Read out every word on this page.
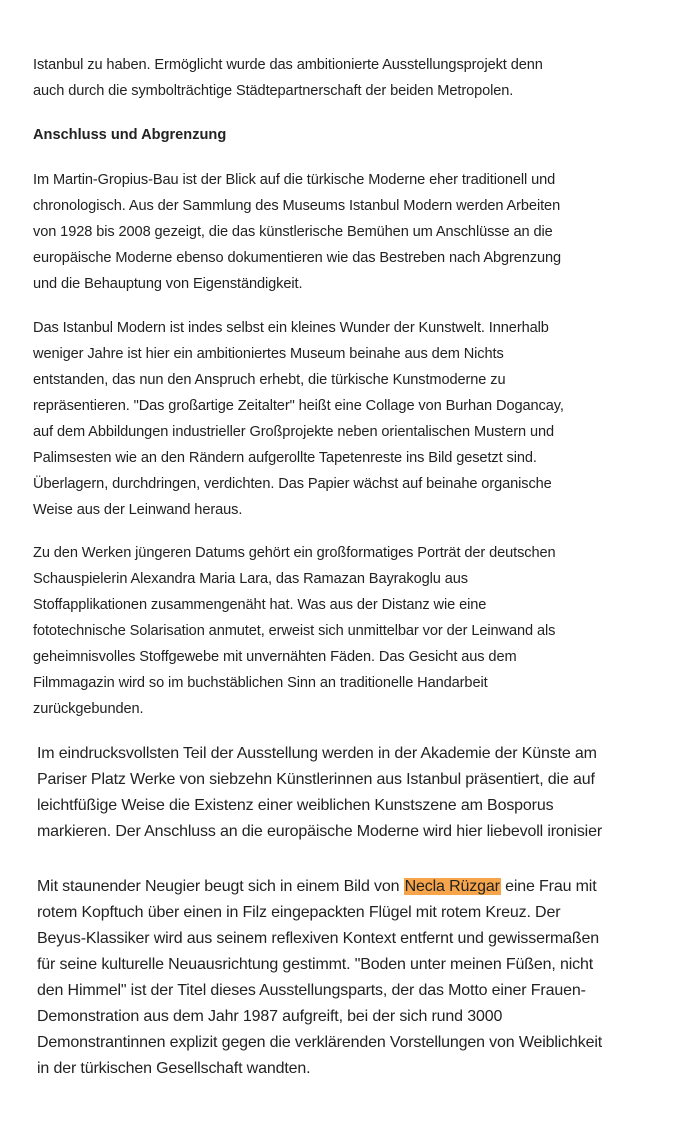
Istanbul zu haben. Ermöglicht wurde das ambitionierte Ausstellungsprojekt denn
auch durch die symbolträchtige Städtepartnerschaft der beiden Metropolen.

Anschluss und Abgrenzung

Im Martin-Gropius-Bau ist der Blick auf die türkische Moderne eher traditionell und
chronologisch. Aus der Sammlung des Museums Istanbul Modern werden Arbeiten
von 1928 bis 2008 gezeigt, die das künstlerische Bemühen um Anschlüsse an die
europäische Moderne ebenso dokumentieren wie das Bestreben nach Abgrenzung
und die Behauptung von Eigenständigkeit.

Das Istanbul Modern ist indes selbst ein kleines Wunder der Kunstwelt. Innerhalb
weniger Jahre ist hier ein ambitioniertes Museum beinahe aus dem Nichts
entstanden, das nun den Anspruch erhebt, die türkische Kunstmoderne zu
repräsentieren. "Das großartige Zeitalter" heißt eine Collage von Burhan Dogancay,
auf dem Abbildungen industrieller Großprojekte neben orientalischen Mustern und
Palimsesten wie an den Rändern aufgerollte Tapetenreste ins Bild gesetzt sind.
Überlagern, durchdringen, verdichten. Das Papier wächst auf beinahe organische
Weise aus der Leinwand heraus.

Zu den Werken jüngeren Datums gehört ein großformatiges Porträt der deutschen
Schauspielerin Alexandra Maria Lara, das Ramazan Bayrakoglu aus
Stoffapplikationen zusammengenäht hat. Was aus der Distanz wie eine
fototechnische Solarisation anmutet, erweist sich unmittelbar vor der Leinwand als
geheimnisvolles Stoffgewebe mit unvernähten Fäden. Das Gesicht aus dem
Filmmagazin wird so im buchstäblichen Sinn an traditionelle Handarbeit
zurückgebunden.

Im eindrucksvollsten Teil der Ausstellung werden in der Akademie der Künste am
Pariser Platz Werke von siebzehn Künstlerinnen aus Istanbul präsentiert, die auf
leichtfüßige Weise die Existenz einer weiblichen Kunstszene am Bosporus
markieren. Der Anschluss an die europäische Moderne wird hier liebevoll ironisier

Mit staunender Neugier beugt sich in einem Bild von Necla Rüzgar eine Frau mit
rotem Kopftuch über einen in Filz eingepackten Flügel mit rotem Kreuz. Der
Beyus-Klassiker wird aus seinem reflexiven Kontext entfernt und gewissermaßen
für seine kulturelle Neuausrichtung gestimmt. "Boden unter meinen Füßen, nicht
den Himmel" ist der Titel dieses Ausstellungsparts, der das Motto einer Frauen-
Demonstration aus dem Jahr 1987 aufgreift, bei der sich rund 3000
Demonstrantinnen explizit gegen die verklärenden Vorstellungen von Weiblichkeit
in der türkischen Gesellschaft wandten.
